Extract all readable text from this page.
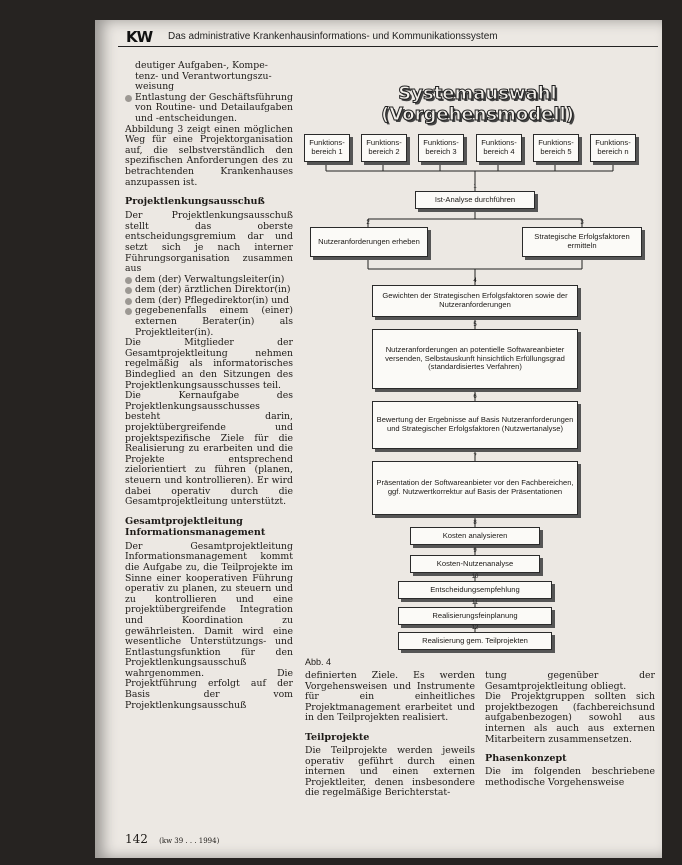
KW Das administrative Krankenhausinformations- und Kommunikationssystem

deutiger Aufgaben-, Kompe-

tenz- und Verantwortungszu-

weisung

Entlastung der Geschäftsführung von Routine- und Detailaufgaben und -entscheidungen.

Abbildung 3 zeigt einen möglichen Weg für eine Projektorganisation auf, die selbstverständlich den spezifischen Anforderungen des zu betrachtenden Krankenhauses anzupassen ist.

Projektlenkungsausschuß

Der Projektlenkungsausschuß stellt das oberste entscheidungsgremium dar und setzt sich je nach interner Führungsorganisation zusammen aus

dem (der) Verwaltungsleiter(in)

dem (der) ärztlichen Direktor(in)

dem (der) Pflegedirektor(in) und

gegebenenfalls einem (einer) externen Berater(in) als Projektleiter(in).

Die Mitglieder der Gesamtprojektleitung nehmen regelmäßig als informatorisches Bindeglied an den Sitzungen des Projektlenkungsausschusses teil.

Die Kernaufgabe des Projektlenkungsausschusses besteht darin, projektübergreifende und projektspezifische Ziele für die Realisierung zu erarbeiten und die Projekte entsprechend zielorientiert zu führen (planen, steuern und kontrollieren). Er wird dabei operativ durch die Gesamtprojektleitung unterstützt.

Gesamtprojektleitung
Informationsmanagement

Der Gesamtprojektleitung Informationsmanagement kommt die Aufgabe zu, die Teilprojekte im Sinne einer kooperativen Führung operativ zu planen, zu steuern und zu kontrollieren und eine projektübergreifende Integration und Koordination zu gewährleisten. Damit wird eine wesentliche Unterstützungs- und Entlastungsfunktion für den Projektlenkungsausschuß wahrgenommen. Die Projektführung erfolgt auf der Basis der vom Projektlenkungsausschuß

Systemauswahl
(Vorgehensmodell)
Funktions-bereich 1
Funktions-bereich 2
Funktions-bereich 3
Funktions-bereich 4
Funktions-bereich 5
Funktions-bereich n
1
Ist-Analyse durchführen
2
Nutzeranforderungen erheben
3
Strategische Erfolgsfaktoren ermitteln
4
Gewichten der Strategischen Erfolgsfaktoren sowie der Nutzeranforderungen
5
Nutzeranforderungen an potentielle Softwareanbieter versenden, Selbstauskunft hinsichtlich Erfüllungsgrad (standardisiertes Verfahren)
6
Bewertung der Ergebnisse auf Basis Nutzeranforderungen und Strategischer Erfolgsfaktoren (Nutzwertanalyse)
7
Präsentation der Softwareanbieter vor den Fachbereichen, ggf. Nutzwertkorrektur auf Basis der Präsentationen
8
Kosten analysieren
9
Kosten-Nutzenanalyse
10
Entscheidungsempfehlung
11
Realisierungsfeinplanung
12
Realisierung gem. Teilprojekten
Abb. 4

definierten Ziele. Es werden Vorgehensweisen und Instrumente für ein einheitliches Projektmanagement erarbeitet und in den Teilprojekten realisiert.

Teilprojekte

Die Teilprojekte werden jeweils operativ geführt durch einen internen und einen externen Projektleiter, denen insbesondere die regelmäßige Berichterstat-

tung gegenüber der Gesamtprojektleitung obliegt.

Die Projektgruppen sollten sich projektbezogen (fachbereichsund aufgabenbezogen) sowohl aus internen als auch aus externen Mitarbeitern zusammensetzen.

Phasenkonzept

Die im folgenden beschriebene methodische Vorgehensweise

142 (kw 39 . . . 1994)
